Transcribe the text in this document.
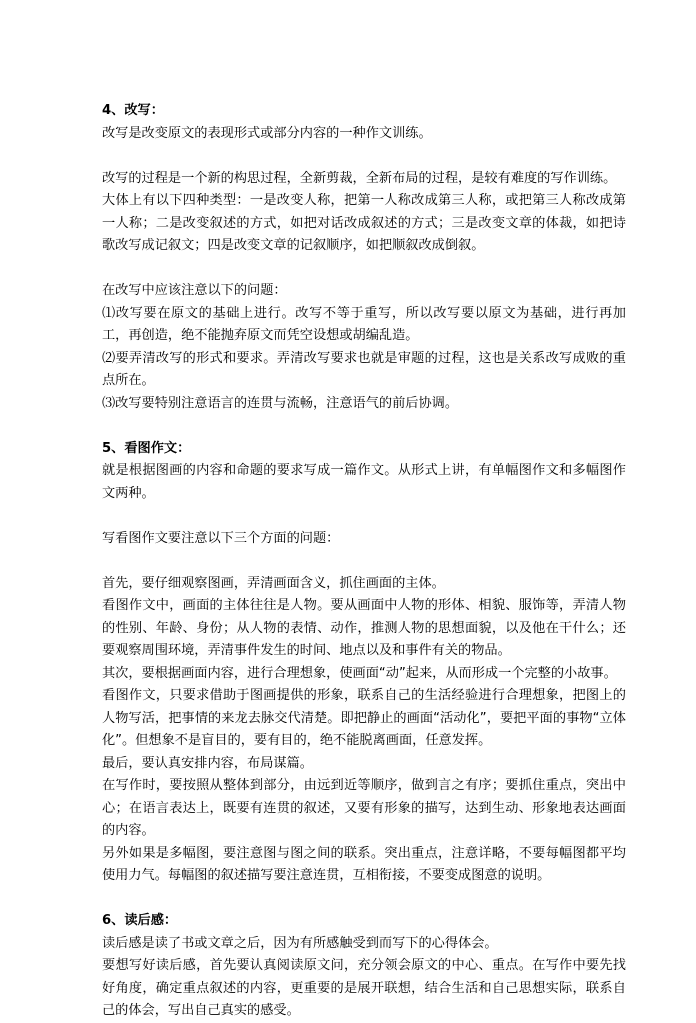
4、改写：

改写是改变原文的表现形式或部分内容的一种作文训练。

改写的过程是一个新的构思过程，全新剪裁，全新布局的过程，是较有难度的写作训练。

大体上有以下四种类型：一是改变人称，把第一人称改成第三人称，或把第三人称改成第一人称；二是改变叙述的方式，如把对话改成叙述的方式；三是改变文章的体裁，如把诗歌改写成记叙文；四是改变文章的记叙顺序，如把顺叙改成倒叙。

在改写中应该注意以下的问题：

⑴改写要在原文的基础上进行。改写不等于重写，所以改写要以原文为基础，进行再加工，再创造，绝不能抛弃原文而凭空设想或胡编乱造。

⑵要弄清改写的形式和要求。弄清改写要求也就是审题的过程，这也是关系改写成败的重点所在。

⑶改写要特别注意语言的连贯与流畅，注意语气的前后协调。

5、看图作文：

就是根据图画的内容和命题的要求写成一篇作文。从形式上讲，有单幅图作文和多幅图作文两种。

写看图作文要注意以下三个方面的问题：

首先，要仔细观察图画，弄清画面含义，抓住画面的主体。

看图作文中，画面的主体往往是人物。要从画面中人物的形体、相貌、服饰等，弄清人物的性别、年龄、身份；从人物的表情、动作，推测人物的思想面貌，以及他在干什么；还要观察周围环境，弄清事件发生的时间、地点以及和事件有关的物品。

其次，要根据画面内容，进行合理想象，使画面“动”起来，从而形成一个完整的小故事。

看图作文，只要求借助于图画提供的形象，联系自己的生活经验进行合理想象，把图上的人物写活，把事情的来龙去脉交代清楚。即把静止的画面“活动化”，要把平面的事物“立体化”。但想象不是盲目的，要有目的，绝不能脱离画面，任意发挥。

最后，要认真安排内容，布局谋篇。

在写作时，要按照从整体到部分，由远到近等顺序，做到言之有序；要抓住重点，突出中心；在语言表达上，既要有连贯的叙述，又要有形象的描写，达到生动、形象地表达画面的内容。

另外如果是多幅图，要注意图与图之间的联系。突出重点，注意详略，不要每幅图都平均使用力气。每幅图的叙述描写要注意连贯，互相衔接，不要变成图意的说明。

6、读后感：

读后感是读了书或文章之后，因为有所感触受到而写下的心得体会。

要想写好读后感，首先要认真阅读原文问，充分领会原文的中心、重点。在写作中要先找好角度，确定重点叙述的内容，更重要的是展开联想，结合生活和自己思想实际，联系自己的体会，写出自己真实的感受。
